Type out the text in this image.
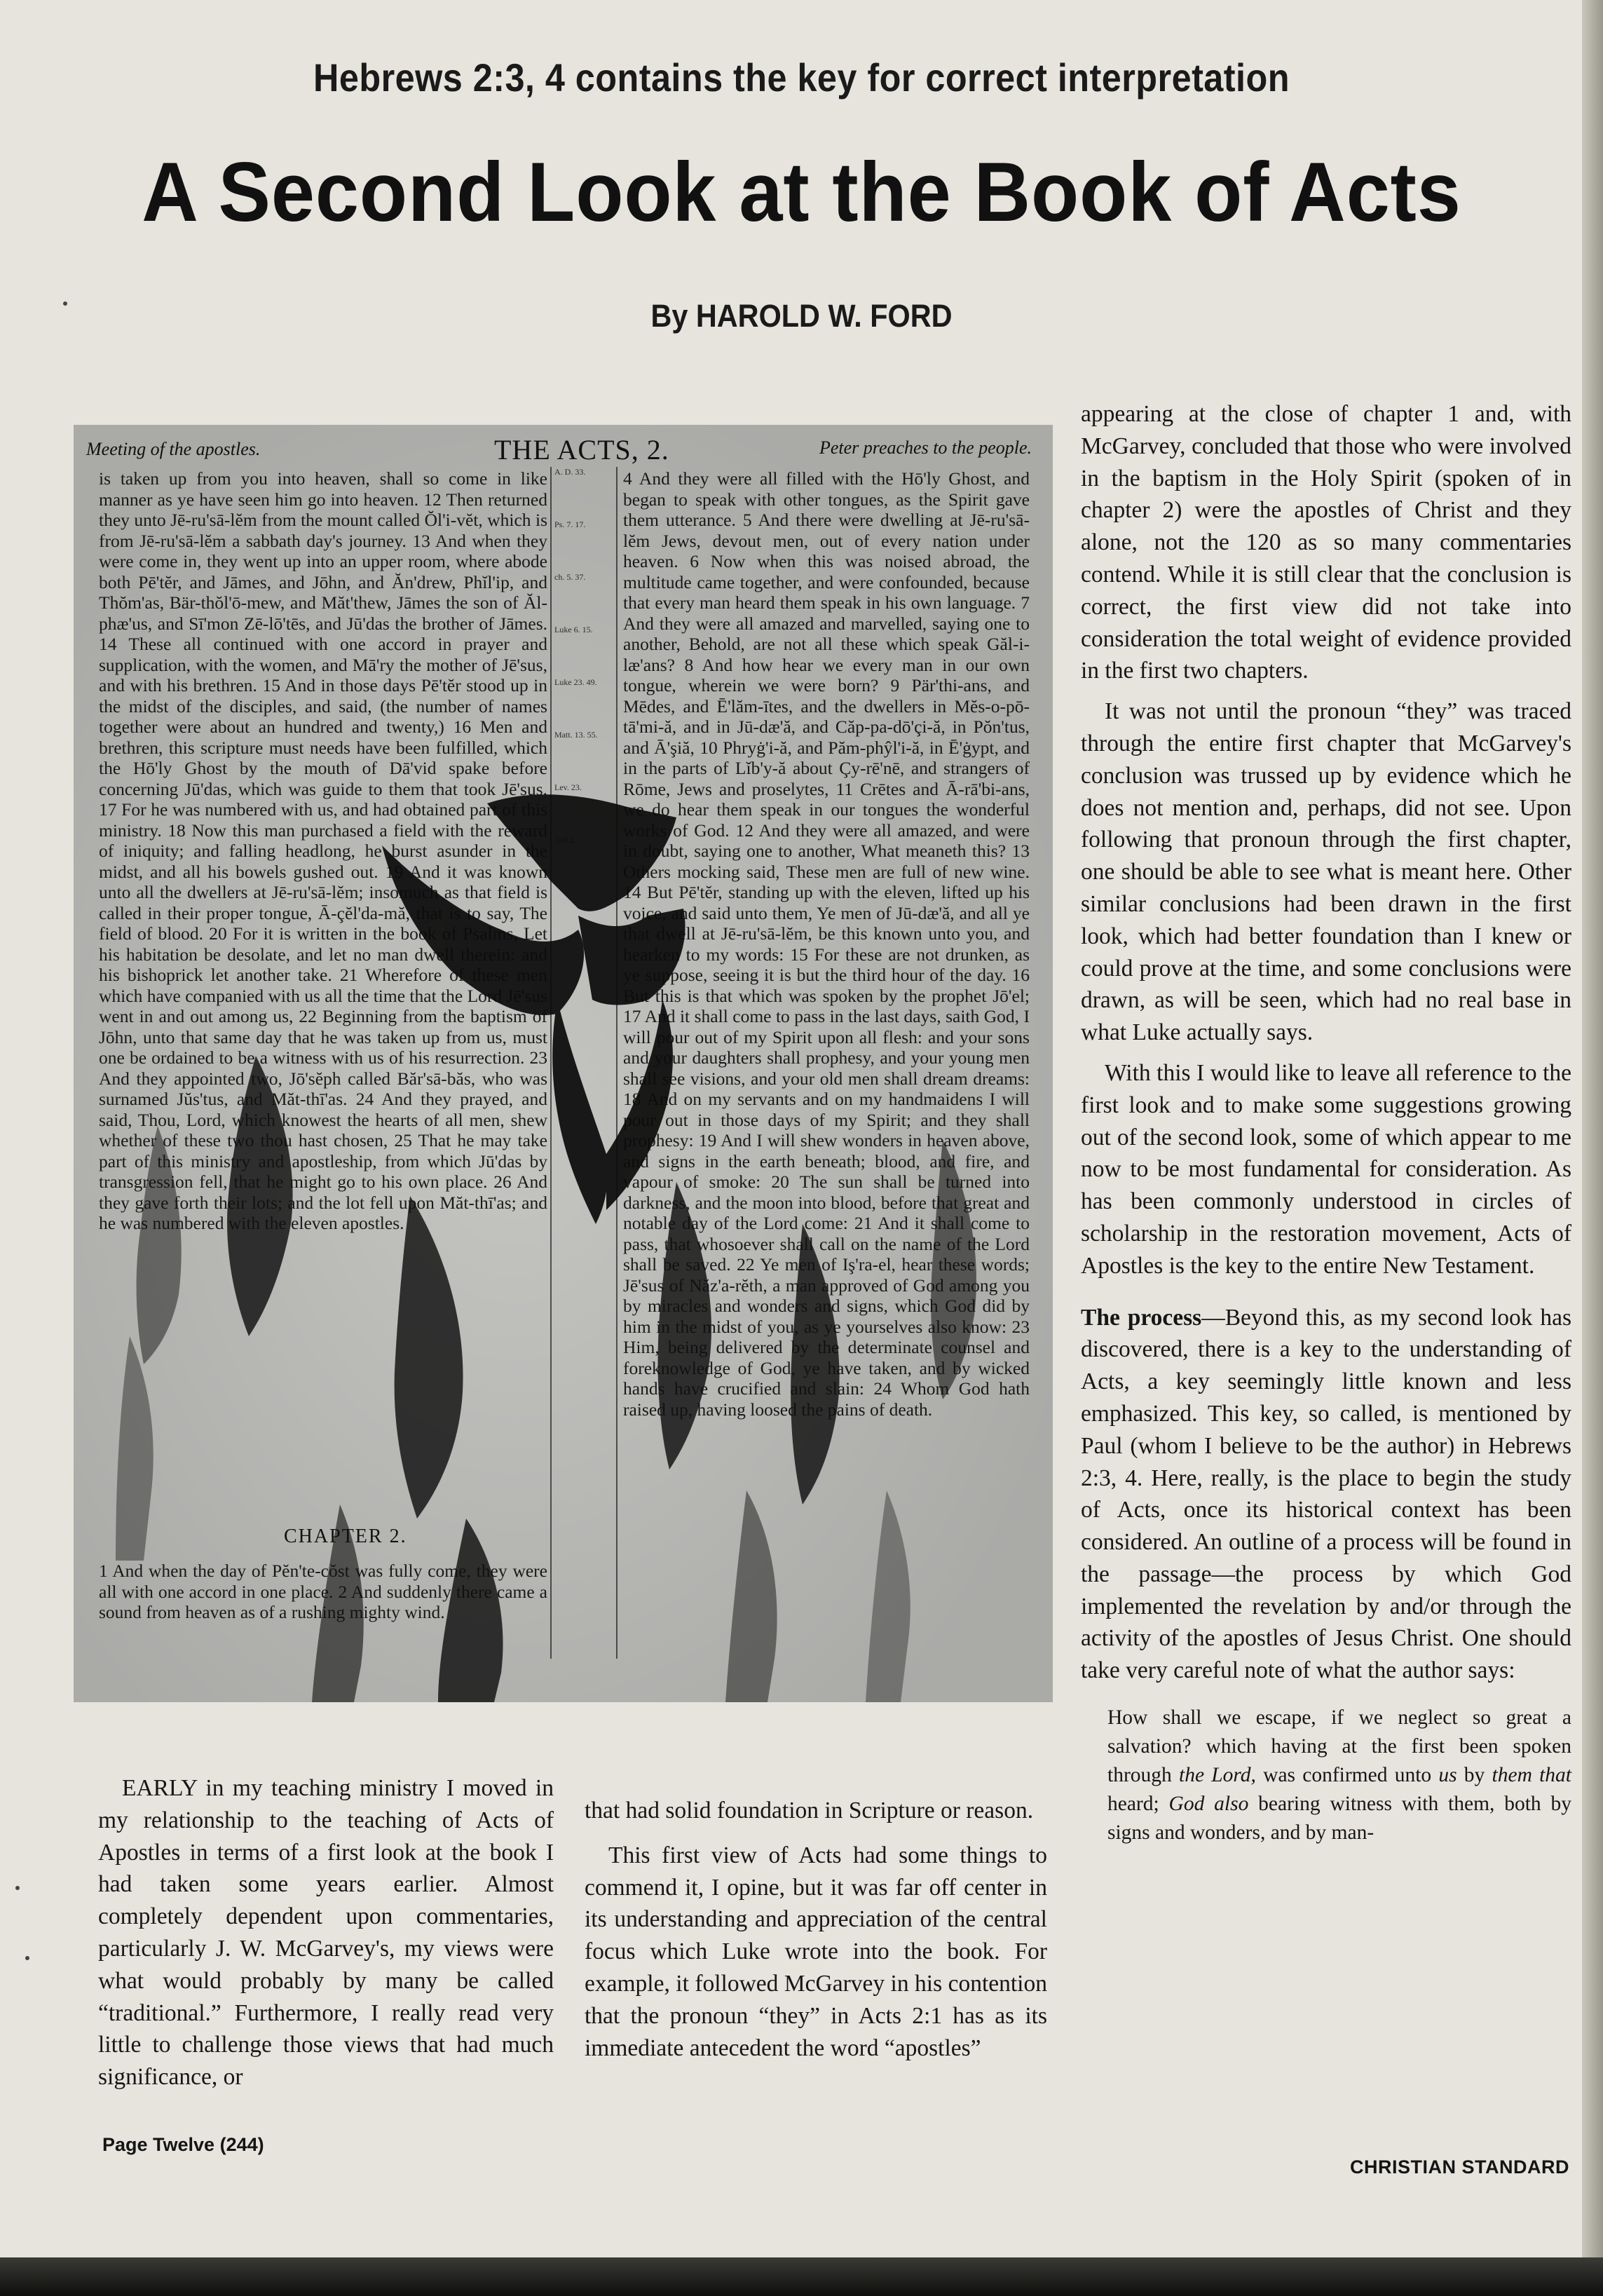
Hebrews 2:3, 4 contains the key for correct interpretation
A Second Look at the Book of Acts
By HAROLD W. FORD

EARLY in my teaching ministry I moved in my relationship to the teaching of Acts of Apostles in terms of a first look at the book I had taken some years earlier. Almost completely dependent upon commentaries, particularly J. W. McGarvey's, my views were what would probably by many be called “traditional.” Furthermore, I really read very little to challenge those views that had much significance, or

that had solid foundation in Scripture or reason.

This first view of Acts had some things to commend it, I opine, but it was far off center in its understanding and appreciation of the central focus which Luke wrote into the book. For example, it followed McGarvey in his contention that the pronoun “they” in Acts 2:1 has as its immediate antecedent the word “apostles”

appearing at the close of chapter 1 and, with McGarvey, concluded that those who were involved in the baptism in the Holy Spirit (spoken of in chapter 2) were the apostles of Christ and they alone, not the 120 as so many commentaries contend. While it is still clear that the conclusion is correct, the first view did not take into consideration the total weight of evidence provided in the first two chapters.

It was not until the pronoun “they” was traced through the entire first chapter that McGarvey's conclusion was trussed up by evidence which he does not mention and, perhaps, did not see. Upon following that pronoun through the first chapter, one should be able to see what is meant here. Other similar conclusions had been drawn in the first look, which had better foundation than I knew or could prove at the time, and some conclusions were drawn, as will be seen, which had no real base in what Luke actually says.

With this I would like to leave all reference to the first look and to make some suggestions growing out of the second look, some of which appear to me now to be most fundamental for consideration. As has been commonly understood in circles of scholarship in the restoration movement, Acts of Apostles is the key to the entire New Testament.

The process—Beyond this, as my second look has discovered, there is a key to the understanding of Acts, a key seemingly little known and less emphasized. This key, so called, is mentioned by Paul (whom I believe to be the author) in Hebrews 2:3, 4. Here, really, is the place to begin the study of Acts, once its historical context has been considered. An outline of a process will be found in the passage—the process by which God implemented the revelation by and/or through the activity of the apostles of Jesus Christ. One should take very careful note of what the author says:

How shall we escape, if we neglect so great a salvation? which having at the first been spoken through the Lord, was confirmed unto us by them that heard; God also bearing witness with them, both by signs and wonders, and by man-

Page Twelve (244)
CHRISTIAN STANDARD
